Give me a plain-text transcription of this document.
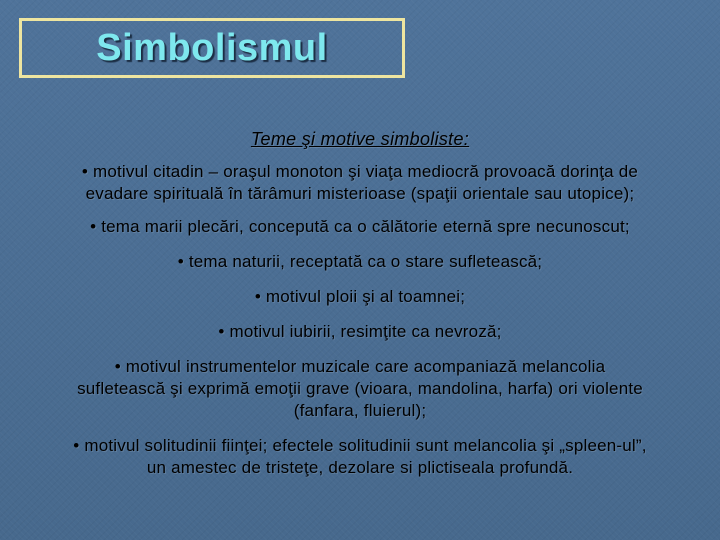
Simbolismul

Teme şi motive simboliste:

• motivul citadin – oraşul monoton şi viaţa mediocră provoacă dorinţa de
evadare spirituală în tărâmuri misterioase (spaţii orientale sau utopice);

• tema marii plecări, concepută ca o călătorie eternă spre necunoscut;

• tema naturii, receptată ca o stare sufletească;

• motivul ploii şi al toamnei;

• motivul iubirii, resimţite ca nevroză;

• motivul instrumentelor muzicale care acompaniază melancolia
sufletească şi exprimă emoţii grave (vioara, mandolina, harfa) ori violente
(fanfara, fluierul);

• motivul solitudinii fiinţei; efectele solitudinii sunt melancolia şi „spleen‑ul”,
un amestec de tristeţe, dezolare si plictiseala profundă.
